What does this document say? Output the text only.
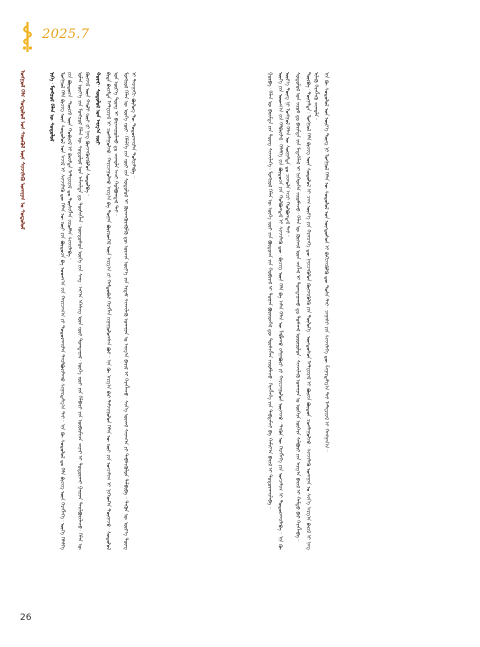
2025.7
ᠮᠣᠩᠭᠣᠯ ᠬᠡᠯᠡ ᠰᠤᠳᠤᠯᠤᠯ ᠤᠨ ᠰᠡᠳᠬᠦᠯ ᠦᠨ ᠰᠢᠨᠵᠢᠯᠡᠬᠦ ᠤᠬᠠᠭᠠᠨ ᠤ ᠰᠤᠳᠤᠯᠤᠯ	ᠨᠢᠭᠡ᠂ ᠮᠣᠩᠭᠣᠯ ᠬᠡᠯᠡᠨ ᠦ ᠰᠤᠳᠤᠯᠤᠯ ᠮᠣᠩᠭᠣᠯ ᠬᠡᠯᠡ ᠪᠢᠴᠢᠭ ᠦᠨ ᠰᠤᠳᠤᠯᠤᠯ ᠤᠨ ᠠᠵᠢᠯ ᠢ ᠰᠢᠨᠵᠢᠯᠡᠬᠦ ᠳᠦ ᠬᠡᠯᠡᠨ ᠦ ᠵᠦᠢ ᠶᠢᠨ ᠪᠦᠲᠦᠴᠡ ᠪᠠ ᠤᠳᠬ᠎ᠠ ᠵᠢᠨ ᠬᠠᠷᠢᠴᠠᠭ᠎ᠠ ᠶᠢ ᠲᠣᠳᠣᠷᠬᠠᠢᠯᠠᠨ ᠲᠠᠢᠯᠪᠤᠷᠢᠯᠠᠬᠤ ᠰᠢᠭᠠᠷᠳᠠᠯᠭ᠎ᠠ ᠲᠠᠢ᠃ ᠡᠨᠡ ᠬᠦ ᠰᠤᠳᠤᠯᠤᠯ ᠳᠤ ᠬᠡᠯᠡ ᠪᠢᠴᠢᠭ ᠦᠨ ᠬᠡᠷᠡᠭᠯᠡᠭᠡ᠂ ᠦᠭᠡ ᠬᠡᠯᠡᠯᠭᠡ ᠶᠢᠨ ᠪᠦᠲᠦᠴᠡ᠂ ᠳᠦᠷᠢᠮ ᠦᠨ ᠬᠤᠪᠢᠷᠠᠯ ᠢ ᠪᠠᠷᠢᠮᠲᠠ ᠮᠠᠲᠸᠷᠢᠶᠠᠯ ᠳᠤ ᠲᠦᠰᠢᠭᠯᠡᠨ ᠵᠢᠷᠤᠮᠯᠠᠨ ᠰᠢᠨᠵᠢᠯᠡᠪᠡ᠃ ᠣᠯᠠᠨ ᠦᠶ᠎ᠡ ᠶᠢᠨ ᠮᠣᠩᠭᠣᠯ ᠬᠡᠯᠡᠨ ᠦ ᠰᠤᠳᠤᠯᠤᠯ ᠤᠨ ᠠᠮᠵᠢᠯᠲᠠ ᠳᠤ ᠲᠦᠰᠢᠭᠯᠡᠨ᠂ ᠦᠨᠳᠦᠰᠦᠨ ᠦᠭᠡ ᠶᠢᠨ ᠰᠠᠩ᠂ ᠠᠶ᠎ᠠ ᠡᠭᠡᠰᠢᠭ ᠦᠨ ᠵᠦᠢ ᠲᠣᠭᠲᠠᠭᠠᠯ᠂ ᠦᠭᠡ ᠵᠦᠢ ᠶᠢᠨ ᠬᠡᠯᠪᠡᠷᠢ ᠶᠢᠨ ᠥᠪᠡᠷᠮᠢᠴᠡ ᠴᠢᠨᠠᠷ ᠢ ᠲᠣᠳᠤᠷᠬᠠᠢ ᠭᠠᠷᠭᠠᠨ ᠲᠠᠢᠯᠪᠤᠷᠢᠯᠠᠵᠤ᠂ ᠬᠡᠯᠡᠨ ᠦ ᠬᠥᠭᠵᠢᠯ ᠦᠨ ᠬᠠᠤᠯᠢ ᠵᠦᠢ ᠶᠢ ᠨᠡᠩ ᠭᠦᠨᠵᠡᠭᠦᠷᠡᠭᠦᠯᠦᠨ ᠰᠤᠳᠤᠯᠪᠠ᠃ ᠬᠣᠶᠠᠷ᠂ ᠰᠤᠳᠤᠯᠤᠯ ᠤᠨ ᠠᠷᠭ᠎ᠠ ᠵᠦᠢ ᠪᠢᠳᠡ ᠪᠠᠷᠢᠮᠲᠠ ᠮᠠᠲᠸᠷᠢᠶᠠᠯ ᠢ ᠴᠤᠭᠯᠠᠭᠤᠯᠵᠤ᠂ ᠬᠠᠷᠢᠴᠠᠭᠤᠯᠬᠤ ᠠᠷᠭ᠎ᠠ ᠪᠠ ᠲᠣᠭᠠᠨ ᠪᠦᠷᠢᠳᠬᠡᠯ ᠦᠨ ᠠᠷᠭ᠎ᠠ ᠶᠢ ᠬᠠᠮᠳᠤᠪᠠᠷ ᠬᠡᠷᠡᠭᠯᠡᠨ ᠵᠢᠭᠠᠭᠤᠯᠤᠭᠰᠠᠨ ᠪᠤᠢ᠃ ᠡᠨᠡ ᠬᠦ ᠠᠷᠭ᠎ᠠ ᠪᠠᠷ ᠳᠠᠮᠵᠢᠭᠤᠯᠤᠨ ᠬᠡᠯᠡᠨ ᠦ ᠵᠦᠢ ᠶᠢᠨ ᠣᠨᠴᠠᠯᠢᠭ ᠢ ᠨᠢᠭᠡᠳᠬᠡᠨ ᠳᠦᠭᠨᠡᠵᠦ᠂ ᠰᠤᠳᠤᠯᠤᠯ ᠤᠨ ᠦᠷ᠎ᠡ ᠳᠦᠩ ᠢ ᠪᠠᠶᠠᠵᠢᠭᠤᠯᠬᠤ ᠳᠤ ᠴᠢᠬᠤᠯᠠ ᠠᠴᠢ ᠬᠣᠯᠪᠣᠭᠳᠠᠯ ᠲᠠᠢ᠃ ᠮᠣᠩᠭᠣᠯ ᠬᠡᠯᠡᠨ ᠦ ᠦᠭᠡ ᠵᠦᠢ᠂ ᠬᠡᠯᠡᠯᠭᠡ ᠶᠢᠨ ᠵᠦᠢ ᠶᠢᠨ ᠰᠤᠳᠤᠯᠤᠯ ᠢ ᠭᠦᠨᠵᠡᠭᠦᠷᠡᠭᠦᠯᠬᠦ ᠳᠦ ᠣᠷᠴᠢᠨ ᠦᠶ᠎ᠡ ᠶᠢᠨ ᠡᠷᠳᠡᠮ ᠰᠢᠨᠵᠢᠯᠡᠬᠦ ᠤᠬᠠᠭᠠᠨ ᠤ ᠠᠷᠭ᠎ᠠ ᠪᠠᠷᠢᠯ ᠢ ᠬᠡᠷᠡᠭᠯᠡᠵᠦ᠂ ᠰᠢᠨ᠎ᠡ ᠦᠵᠡᠯ ᠰᠠᠨᠠᠭ᠎ᠠ ᠶᠢ ᠳᠡᠪᠰᠢᠭᠦᠯᠦᠨ ᠲᠠᠯᠪᠢᠪᠠ᠃ ᠲᠡᠭᠦᠨ ᠦ ᠦᠷ᠎ᠡ ᠳᠦᠩ ᠢ ᠳᠠᠷᠠᠭᠠᠬᠢ ᠪᠦᠯᠦᠭ ᠲᠦ ᠲᠣᠳᠣᠷᠬᠠᠢᠯᠠᠨ ᠲᠣᠮᠢᠶᠠᠯᠠᠪᠠ᠃	ᠭᠤᠷᠪᠠ᠂ ᠬᠡᠯᠡᠨ ᠦ ᠪᠠᠷᠢᠮᠲᠠ ᠶᠢᠨ ᠳᠦᠩ ᠰᠢᠨᠵᠢᠯᠡᠭᠡ᠄ ᠮᠣᠩᠭᠣᠯ ᠬᠡᠯᠡᠨ ᠦ ᠦᠭᠡ ᠵᠦᠢ ᠶᠢᠨ ᠪᠦᠲᠦᠴᠡ ᠶᠢᠨ ᠬᠤᠪᠢᠷᠠᠯ ᠢ ᠲᠣᠭᠠᠨ ᠪᠦᠷᠢᠳᠬᠡᠯ ᠳᠦ ᠲᠦᠰᠢᠭᠯᠡᠨ ᠵᠢᠷᠤᠮᠯᠠᠵᠤ᠂ ᠬᠡᠷᠡᠭᠯᠡᠭᠡ ᠶᠢᠨ ᠳᠠᠪᠲᠠᠮᠵᠢ ᠪᠠ ᠬᠠᠮᠢᠶ᠎ᠠ ᠪᠠᠷᠢᠯ ᠢ ᠲᠣᠳᠣᠷᠬᠠᠢᠯᠠᠪᠠ᠃ ᠦᠭᠡ ᠶᠢᠨ ᠤᠳᠬ᠎ᠠ ᠶᠢᠨ ᠬᠡᠯᠪᠡᠷᠢᠯᠡᠯ᠂ ᠬᠡᠯᠡᠯᠭᠡ ᠶᠢᠨ ᠪᠦᠲᠦᠴᠡ ᠶᠢᠨ ᠬᠣᠯᠪᠣᠭᠳᠠᠯ ᠢ ᠰᠢᠨᠵᠢᠯᠡᠬᠦ ᠳᠦ᠂ ᠪᠢᠴᠢᠭ ᠦᠨ ᠬᠡᠯᠡ ᠪᠠ ᠠᠮᠠᠨ ᠬᠡᠯᠡᠨ ᠦ ᠯᠠᠪᠯᠠᠬᠤ ᠶᠠᠯᠭᠠᠪᠣᠷᠢ ᠶᠢ ᠬᠠᠷᠢᠴᠠᠭᠤᠯᠤᠨ ᠦᠵᠡᠵᠦ᠂ ᠲᠡᠭᠦᠨ ᠦ ᠬᠡᠷᠡᠭᠯᠡᠭᠡ ᠶᠢᠨ ᠣᠨᠴᠠᠯᠢᠭ ᠢ ᠲᠣᠳᠣᠷᠬᠠᠢᠯᠠᠪᠠ᠃ ᠡᠨᠡ ᠬᠦ ᠦᠷ᠎ᠡ ᠳᠦᠩ ᠨᠢ ᠮᠣᠩᠭᠣᠯ ᠬᠡᠯᠡᠨ ᠦ ᠰᠤᠷᠭᠠᠯᠲᠠ ᠳᠤ ᠴᠢᠬᠤᠯᠠ ᠠᠴᠢ ᠬᠣᠯᠪᠣᠭᠳᠠᠯ ᠲᠠᠢ᠃ ᠰᠤᠳᠤᠯᠤᠯ ᠤᠨ ᠵᠢᠷᠤᠮ ᠳᠤ ᠪᠠᠷᠢᠮᠲᠠ ᠶᠢᠨ ᠮᠡᠳᠡᠭᠡᠯᠡᠯ ᠢ ᠨᠢᠭᠡᠳᠬᠡᠨ ᠵᠢᠷᠤᠮᠯᠠᠵᠤ᠂ ᠬᠡᠯᠡᠨ ᠦ ᠬᠥᠭᠵᠢᠯ ᠦᠨ ᠴᠢᠭᠯᠡᠯ ᠢ ᠲᠣᠭᠲᠠᠭᠠᠬᠤ ᠳᠤ ᠳᠤᠰᠬᠠᠯ ᠤᠷᠤᠭᠤᠯᠤᠨ᠂ ᠰᠢᠨᠵᠢᠯᠡᠬᠦ ᠤᠬᠠᠭᠠᠨ ᠤ ᠥᠭᠡᠷᠡ ᠥᠭᠡᠷᠡ ᠰᠠᠯᠪᠤᠷᠢ ᠶᠢᠨ ᠠᠷᠭ᠎ᠠ ᠪᠠᠷᠢᠯ ᠢ ᠬᠠᠮᠲᠤ ᠪᠡᠷ ᠬᠡᠷᠡᠭᠯᠡᠪᠡ᠃ ᠳᠥᠷᠪᠡ᠂ ᠳᠦᠭᠨᠡᠯᠲᠡ᠄ ᠮᠣᠩᠭᠣᠯ ᠬᠡᠯᠡ ᠪᠢᠴᠢᠭ ᠦᠨ ᠰᠤᠳᠤᠯᠤᠯ ᠢ ᠴᠠᠭ ᠦᠶ᠎ᠡ ᠶᠢᠨ ᠬᠡᠷᠡᠭᠴᠡᠭᠡ ᠳᠦ ᠨᠡᠶᠢᠴᠡᠭᠦᠯᠦᠨ ᠬᠥᠭᠵᠢᠭᠦᠯᠬᠦ ᠶᠢᠨ ᠲᠥᠯᠥᠭᠡ᠂ ᠦᠨᠳᠦᠰᠦᠨ ᠮᠠᠲᠸᠷᠢᠶᠠᠯ ᠢ ᠪᠦᠷᠢᠨ ᠪᠦᠲᠦᠨ ᠴᠤᠭᠯᠠᠭᠤᠯᠵᠤ᠂ ᠰᠢᠨᠵᠢᠯᠡᠬᠦ ᠤᠬᠠᠭᠠᠨ ᠤ ᠰᠢᠨ᠎ᠡ ᠠᠷᠭ᠎ᠠ ᠪᠠᠷᠢᠯ ᠢ ᠨᠡᠩ ᠢᠯᠡᠭᠦ ᠬᠡᠷᠡᠭᠯᠡᠬᠦ ᠴᠢᠬᠤᠯᠠ᠃ ᠡᠨᠡ ᠬᠦ ᠰᠤᠳᠤᠯᠤᠯ ᠤᠨ ᠦᠷ᠎ᠡ ᠳᠦᠩ ᠨᠢ ᠮᠣᠩᠭᠣᠯ ᠬᠡᠯᠡᠨ ᠦ ᠰᠤᠳᠤᠯᠤᠯ ᠤᠨ ᠦᠨᠳᠦᠰᠦᠨ ᠢ ᠪᠡᠬᠢᠵᠢᠭᠦᠯᠬᠦ ᠳᠦ ᠲᠤᠰᠠ ᠲᠠᠢ᠂ ᠴᠠᠭᠠᠰᠢ ᠶᠢᠨ ᠰᠢᠨᠵᠢᠯᠡᠭᠡ ᠳᠦ ᠱᠠᠭᠠᠷᠳᠠᠯᠭ᠎ᠠ ᠲᠠᠢ ᠮᠠᠲᠸᠷᠢᠶᠠᠯ ᠢ ᠬᠠᠩᠭᠠᠨ᠎ᠠ᠃

26
